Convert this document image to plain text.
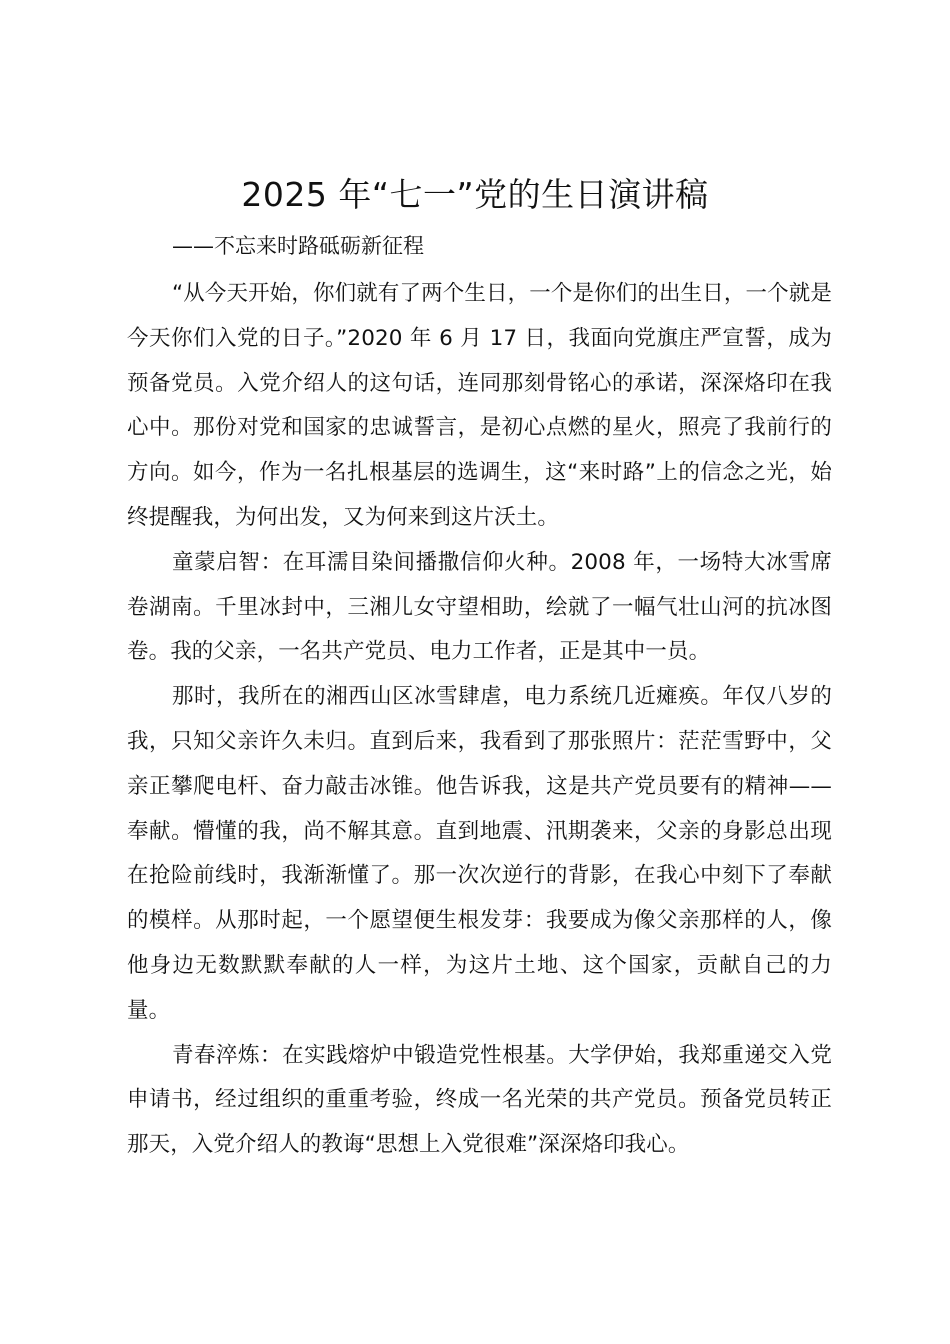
2025 年“七一”党的生日演讲稿

——不忘来时路砥砺新征程

“从今天开始，你们就有了两个生日，一个是你们的出生日，一个就是今天你们入党的日子。”2020 年 6 月 17 日，我面向党旗庄严宣誓，成为预备党员。入党介绍人的这句话，连同那刻骨铭心的承诺，深深烙印在我心中。那份对党和国家的忠诚誓言，是初心点燃的星火，照亮了我前行的方向。如今，作为一名扎根基层的选调生，这“来时路”上的信念之光，始终提醒我，为何出发，又为何来到这片沃土。

童蒙启智：在耳濡目染间播撒信仰火种。2008 年，一场特大冰雪席卷湖南。千里冰封中，三湘儿女守望相助，绘就了一幅气壮山河的抗冰图卷。我的父亲，一名共产党员、电力工作者，正是其中一员。

那时，我所在的湘西山区冰雪肆虐，电力系统几近瘫痪。年仅八岁的我，只知父亲许久未归。直到后来，我看到了那张照片：茫茫雪野中，父亲正攀爬电杆、奋力敲击冰锥。他告诉我，这是共产党员要有的精神——奉献。懵懂的我，尚不解其意。直到地震、汛期袭来，父亲的身影总出现在抢险前线时，我渐渐懂了。那一次次逆行的背影，在我心中刻下了奉献的模样。从那时起，一个愿望便生根发芽：我要成为像父亲那样的人，像他身边无数默默奉献的人一样，为这片土地、这个国家，贡献自己的力量。

青春淬炼：在实践熔炉中锻造党性根基。大学伊始，我郑重递交入党申请书，经过组织的重重考验，终成一名光荣的共产党员。预备党员转正那天，入党介绍人的教诲“思想上入党很难”深深烙印我心。
